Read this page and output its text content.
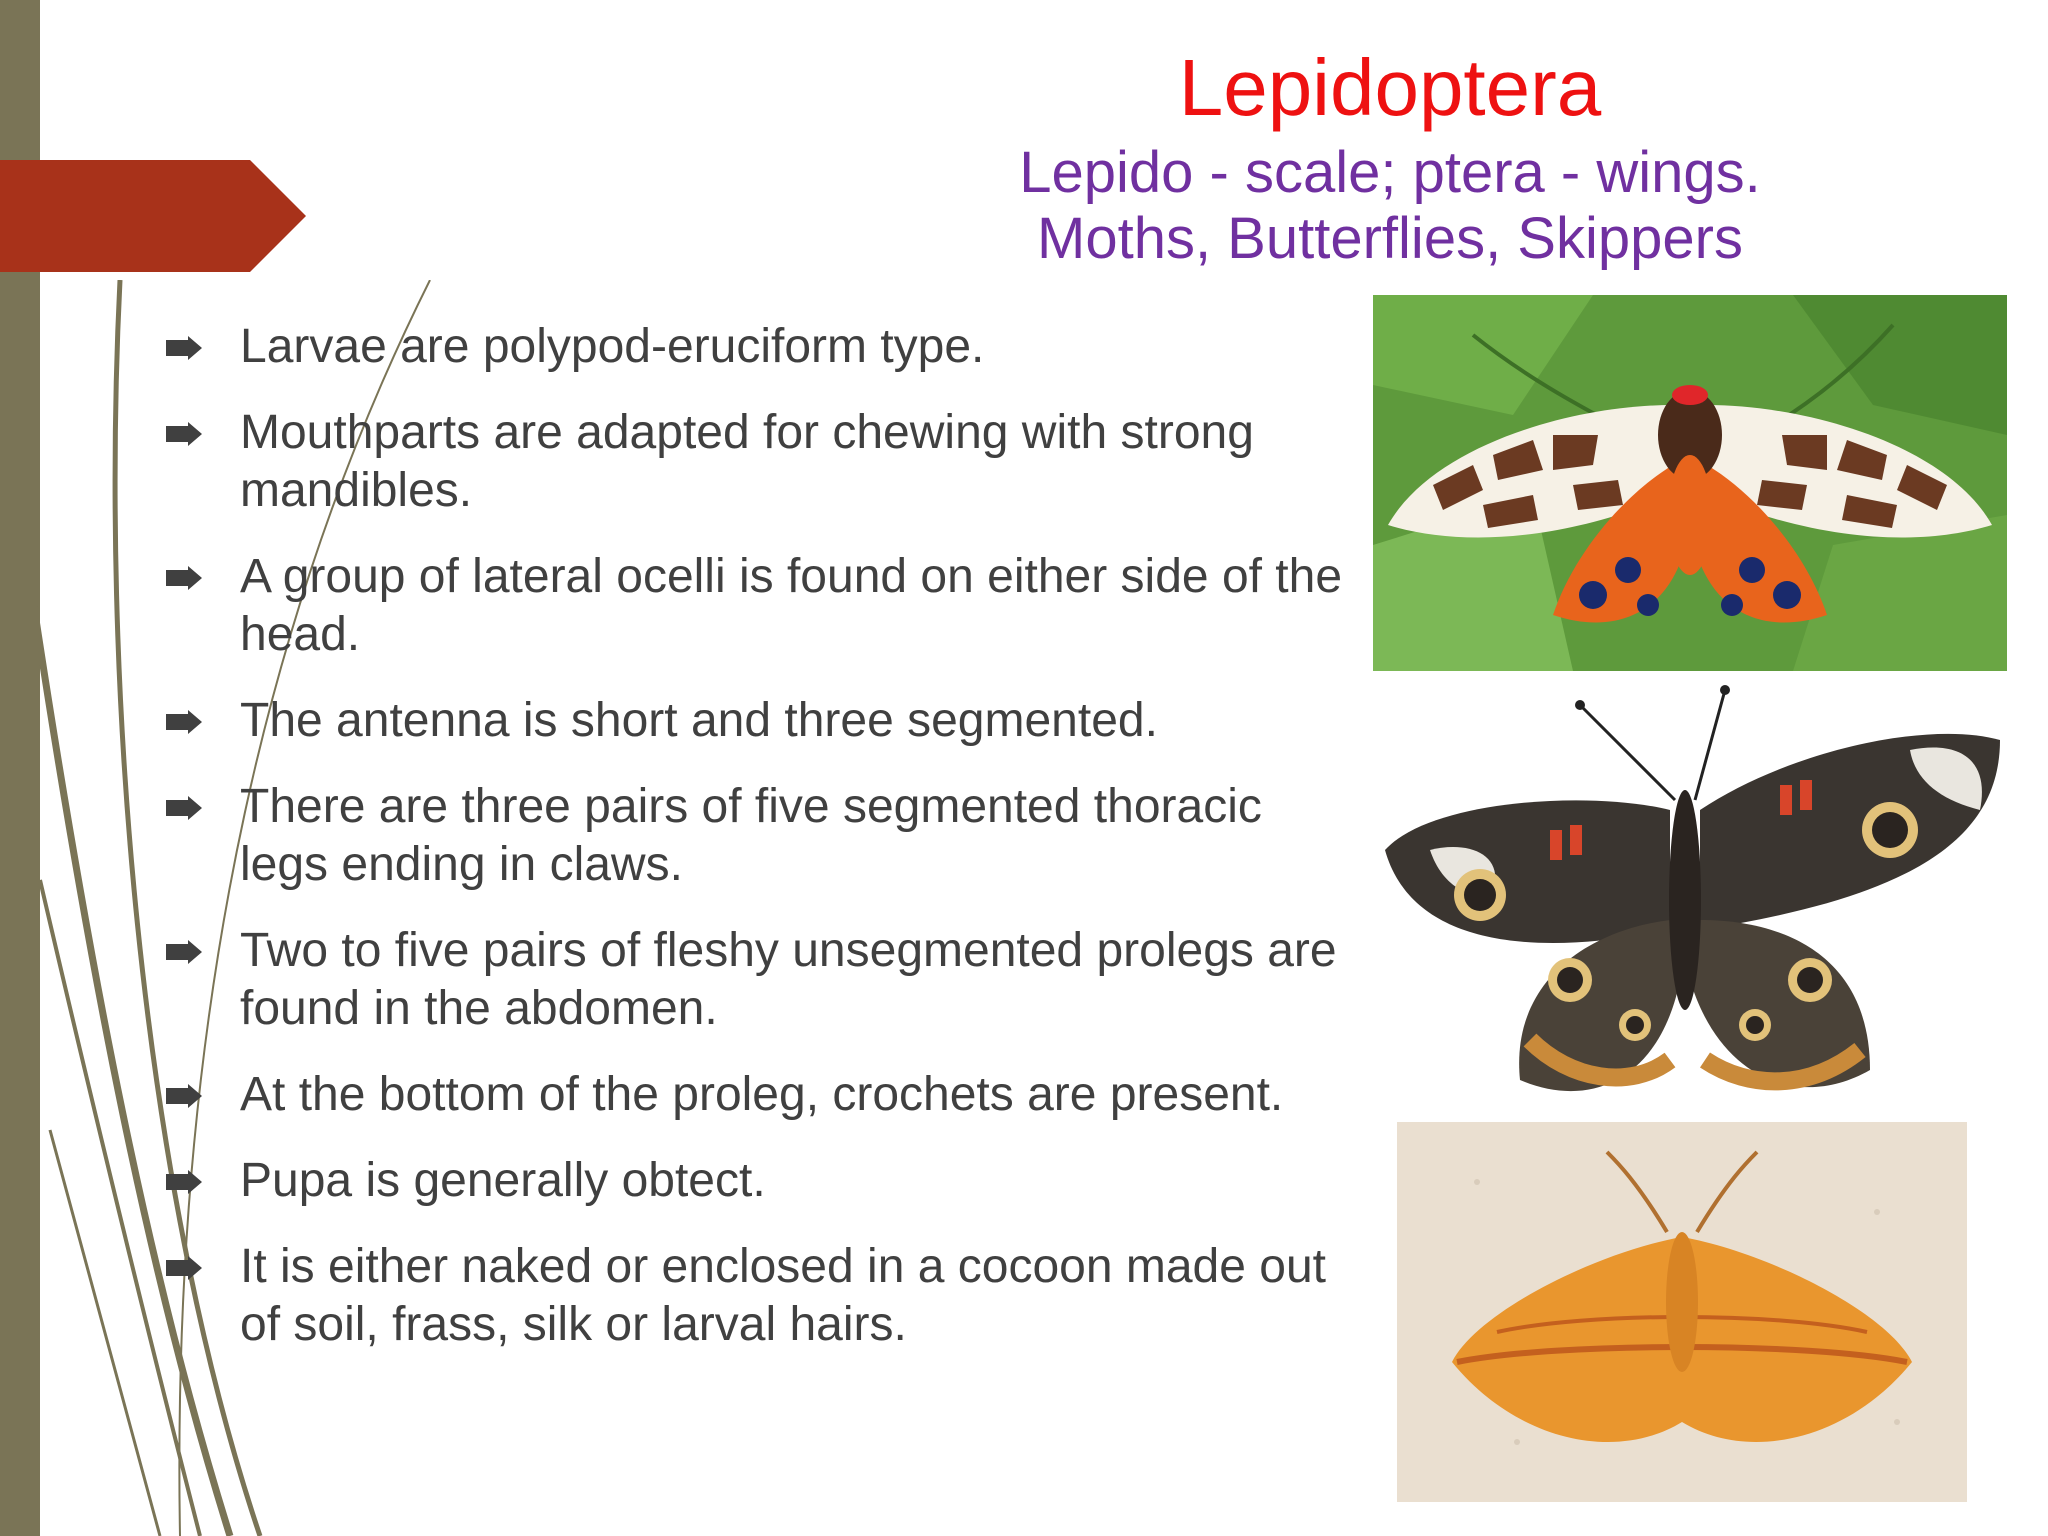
Lepidoptera
Lepido - scale; ptera - wings.
Moths, Butterflies, Skippers
Larvae are polypod-eruciform type.
Mouthparts are adapted for chewing with strong mandibles.
A group of lateral ocelli is found on either side of the head.
The antenna is short and three segmented.
There are three pairs of five segmented thoracic legs ending in claws.
Two to five pairs of fleshy unsegmented prolegs are found in the abdomen.
At the bottom of the proleg, crochets are present.
Pupa is generally obtect.
It is either naked or enclosed in a cocoon made out of soil, frass, silk or larval hairs.
